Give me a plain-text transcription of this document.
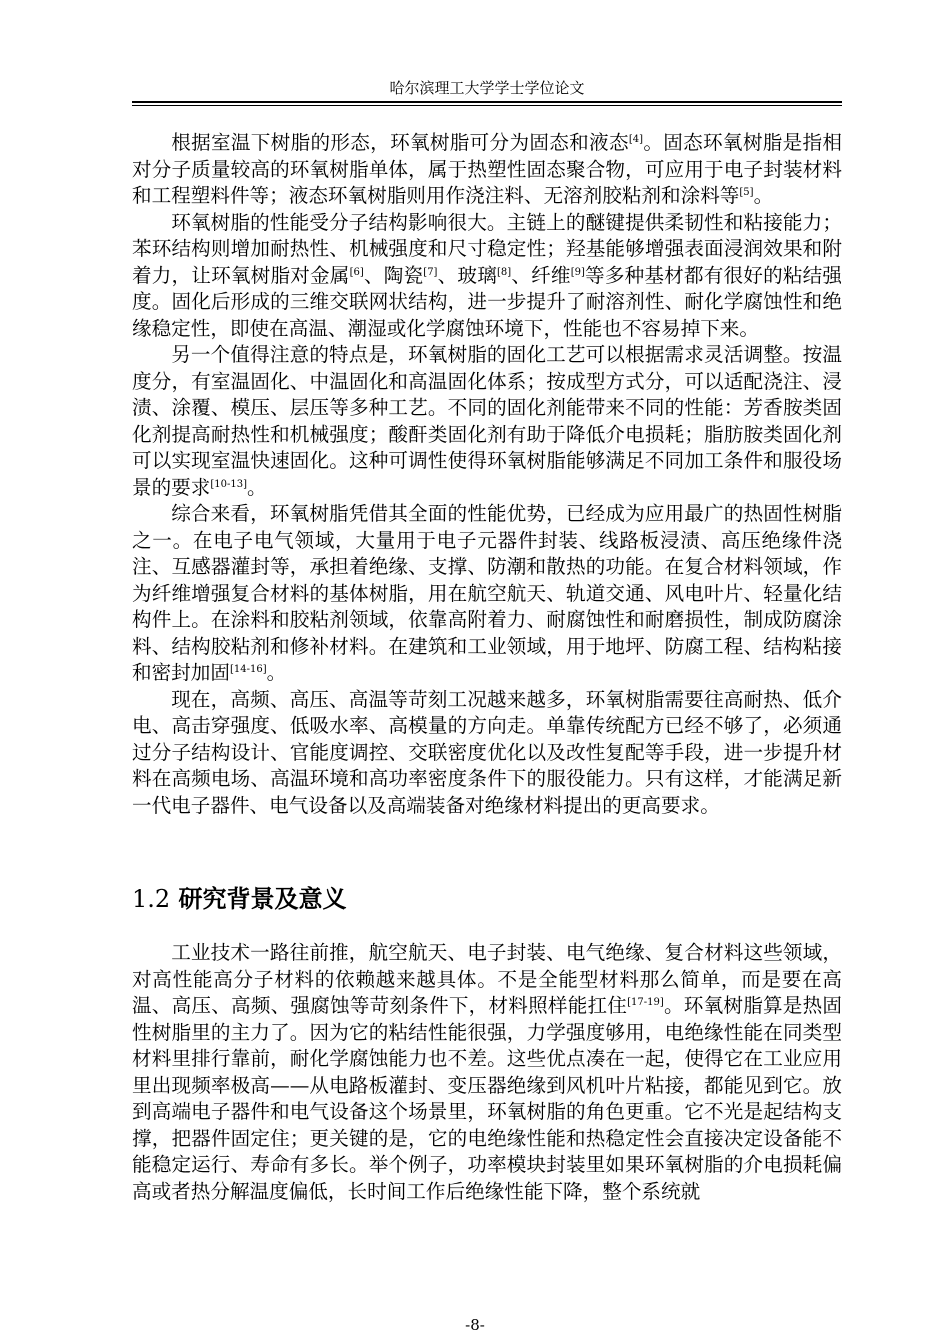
哈尔滨理工大学学士学位论文

根据室温下树脂的形态，环氧树脂可分为固态和液态[4]。固态环氧树脂是指相对分子质量较高的环氧树脂单体，属于热塑性固态聚合物，可应用于电子封装材料和工程塑料件等；液态环氧树脂则用作浇注料、无溶剂胶粘剂和涂料等[5]。

环氧树脂的性能受分子结构影响很大。主链上的醚键提供柔韧性和粘接能力；苯环结构则增加耐热性、机械强度和尺寸稳定性；羟基能够增强表面浸润效果和附着力，让环氧树脂对金属[6]、陶瓷[7]、玻璃[8]、纤维[9]等多种基材都有很好的粘结强度。固化后形成的三维交联网状结构，进一步提升了耐溶剂性、耐化学腐蚀性和绝缘稳定性，即使在高温、潮湿或化学腐蚀环境下，性能也不容易掉下来。

另一个值得注意的特点是，环氧树脂的固化工艺可以根据需求灵活调整。按温度分，有室温固化、中温固化和高温固化体系；按成型方式分，可以适配浇注、浸渍、涂覆、模压、层压等多种工艺。不同的固化剂能带来不同的性能：芳香胺类固化剂提高耐热性和机械强度；酸酐类固化剂有助于降低介电损耗；脂肪胺类固化剂可以实现室温快速固化。这种可调性使得环氧树脂能够满足不同加工条件和服役场景的要求[10-13]。

综合来看，环氧树脂凭借其全面的性能优势，已经成为应用最广的热固性树脂之一。在电子电气领域，大量用于电子元器件封装、线路板浸渍、高压绝缘件浇注、互感器灌封等，承担着绝缘、支撑、防潮和散热的功能。在复合材料领域，作为纤维增强复合材料的基体树脂，用在航空航天、轨道交通、风电叶片、轻量化结构件上。在涂料和胶粘剂领域，依靠高附着力、耐腐蚀性和耐磨损性，制成防腐涂料、结构胶粘剂和修补材料。在建筑和工业领域，用于地坪、防腐工程、结构粘接和密封加固[14-16]。

现在，高频、高压、高温等苛刻工况越来越多，环氧树脂需要往高耐热、低介电、高击穿强度、低吸水率、高模量的方向走。单靠传统配方已经不够了，必须通过分子结构设计、官能度调控、交联密度优化以及改性复配等手段，进一步提升材料在高频电场、高温环境和高功率密度条件下的服役能力。只有这样，才能满足新一代电子器件、电气设备以及高端装备对绝缘材料提出的更高要求。

1.2 研究背景及意义

工业技术一路往前推，航空航天、电子封装、电气绝缘、复合材料这些领域，对高性能高分子材料的依赖越来越具体。不是全能型材料那么简单，而是要在高温、高压、高频、强腐蚀等苛刻条件下，材料照样能扛住[17-19]。环氧树脂算是热固性树脂里的主力了。因为它的粘结性能很强，力学强度够用，电绝缘性能在同类型材料里排行靠前，耐化学腐蚀能力也不差。这些优点凑在一起，使得它在工业应用里出现频率极高——从电路板灌封、变压器绝缘到风机叶片粘接，都能见到它。放到高端电子器件和电气设备这个场景里，环氧树脂的角色更重。它不光是起结构支撑，把器件固定住；更关键的是，它的电绝缘性能和热稳定性会直接决定设备能不能稳定运行、寿命有多长。举个例子，功率模块封装里如果环氧树脂的介电损耗偏高或者热分解温度偏低，长时间工作后绝缘性能下降，整个系统就

-8-
